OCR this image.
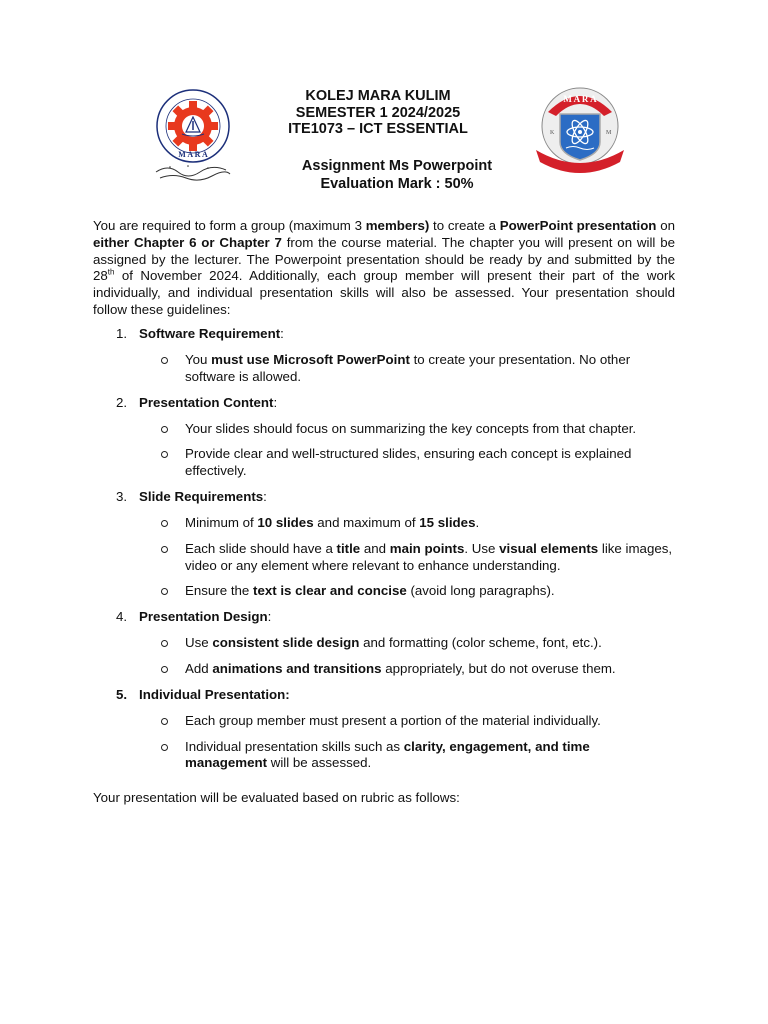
M A R A
KOLEJ MARA KULIM
SEMESTER 1 2024/2025
ITE1073 – ICT ESSENTIAL
Assignment Ms Powerpoint
Evaluation Mark : 50%
M A R A
K	M
You are required to form a group (maximum 3 members) to create a PowerPoint presentation on either Chapter 6 or Chapter 7 from the course material. The chapter you will present on will be assigned by the lecturer. The Powerpoint presentation should be ready by and submitted by the 28th of November 2024. Additionally, each group member will present their part of the work individually, and individual presentation skills will also be assessed. Your presentation should follow these guidelines:
1. Software Requirement:
You must use Microsoft PowerPoint to create your presentation. No other software is allowed.
2. Presentation Content:
Your slides should focus on summarizing the key concepts from that chapter.
Provide clear and well-structured slides, ensuring each concept is explained effectively.
3. Slide Requirements:
Minimum of 10 slides and maximum of 15 slides.
Each slide should have a title and main points. Use visual elements like images, video or any element where relevant to enhance understanding.
Ensure the text is clear and concise (avoid long paragraphs).
4. Presentation Design:
Use consistent slide design and formatting (color scheme, font, etc.).
Add animations and transitions appropriately, but do not overuse them.
5. Individual Presentation:
Each group member must present a portion of the material individually.
Individual presentation skills such as clarity, engagement, and time management will be assessed.
Your presentation will be evaluated based on rubric as follows:
